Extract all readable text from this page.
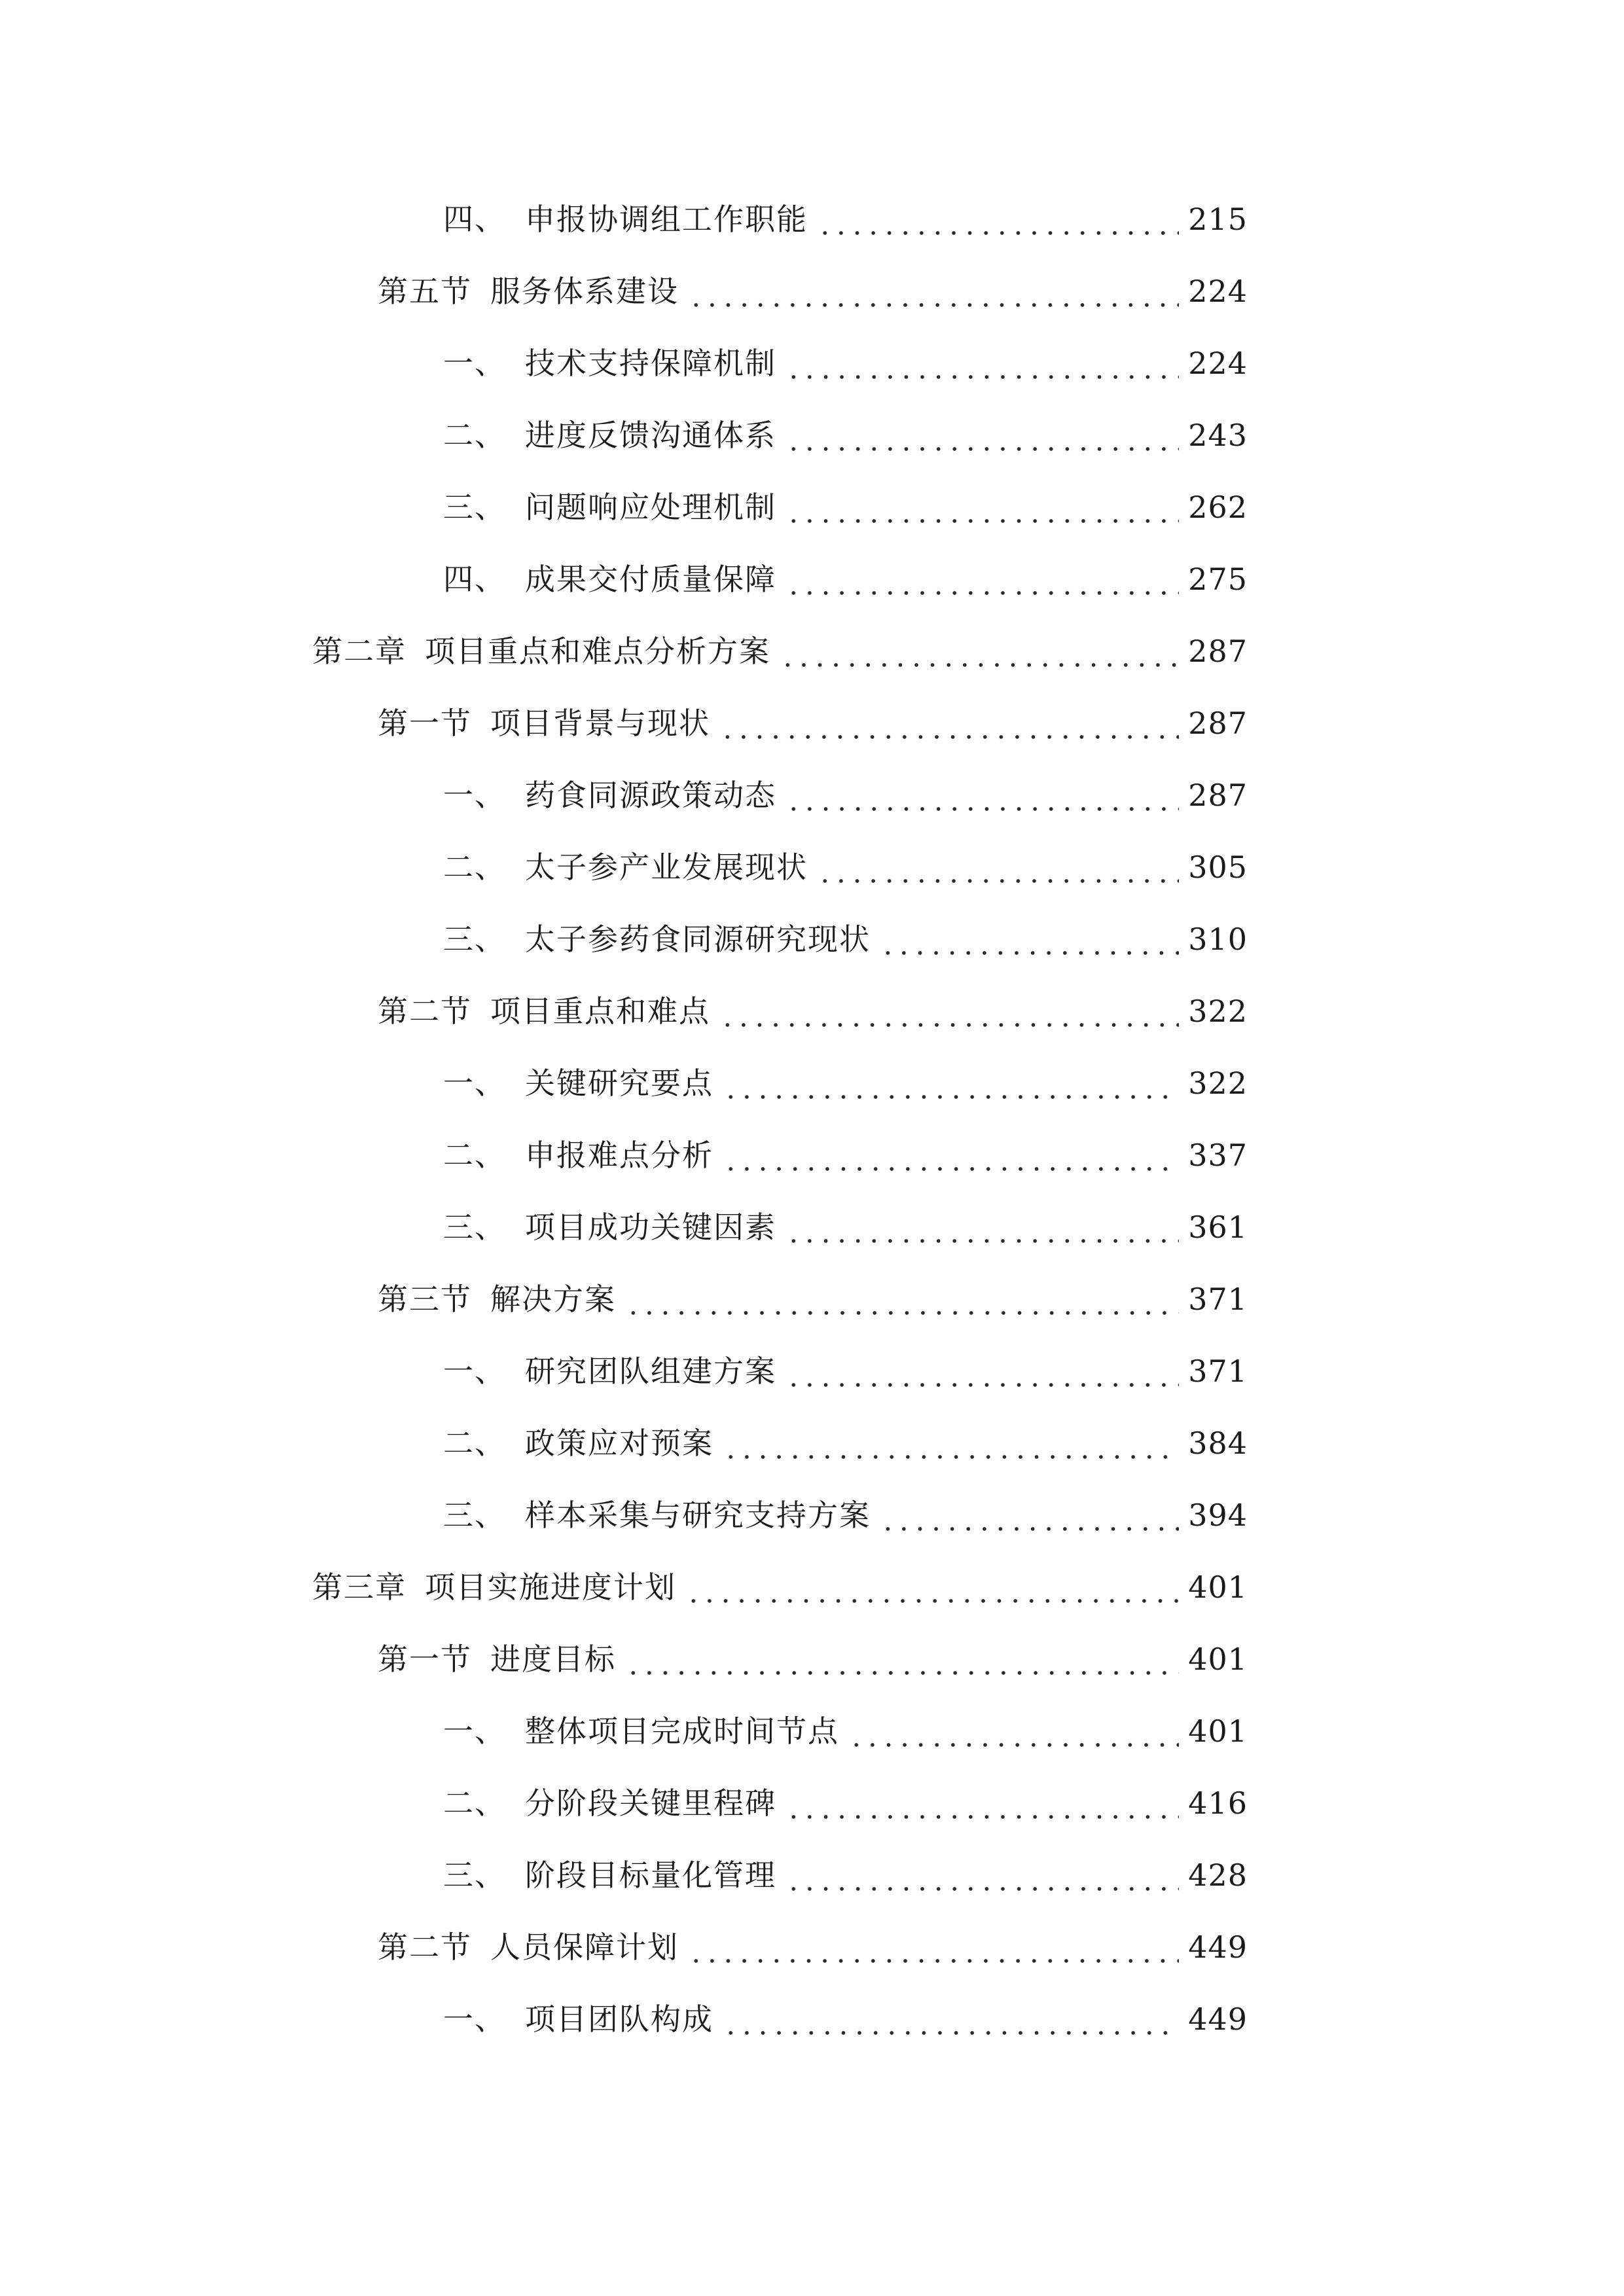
四、 申报协调组工作职能	215
第五节 服务体系建设	224
一、 技术支持保障机制	224
二、 进度反馈沟通体系	243
三、 问题响应处理机制	262
四、 成果交付质量保障	275
第二章 项目重点和难点分析方案	287
第一节 项目背景与现状	287
一、 药食同源政策动态	287
二、 太子参产业发展现状	305
三、 太子参药食同源研究现状	310
第二节 项目重点和难点	322
一、 关键研究要点	322
二、 申报难点分析	337
三、 项目成功关键因素	361
第三节 解决方案	371
一、 研究团队组建方案	371
二、 政策应对预案	384
三、 样本采集与研究支持方案	394
第三章 项目实施进度计划	401
第一节 进度目标	401
一、 整体项目完成时间节点	401
二、 分阶段关键里程碑	416
三、 阶段目标量化管理	428
第二节 人员保障计划	449
一、 项目团队构成	449
